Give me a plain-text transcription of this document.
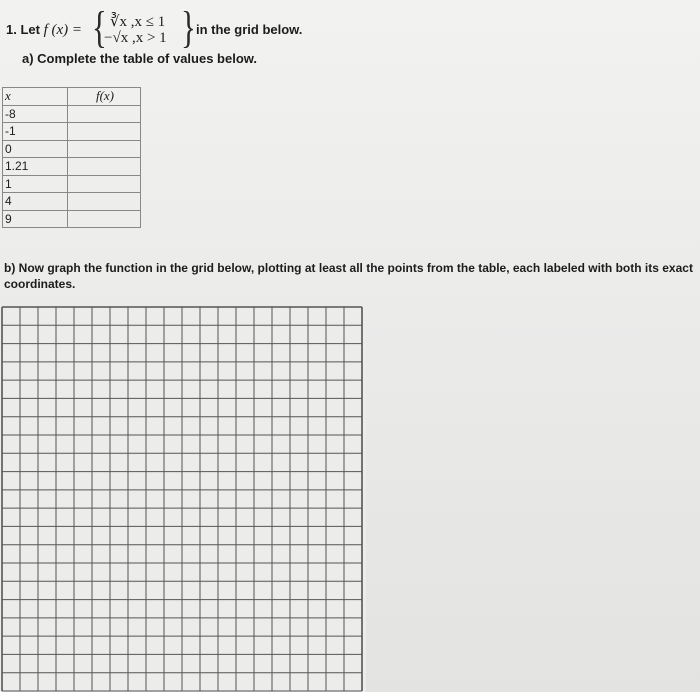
1. Let f (x) = { ∛x ,x ≤ 1
−√x ,x > 1 } in the grid below.
a) Complete the table of values below.
x	f(x)
-8	
-1	
0	
1.21	
1	
4	
9	
b) Now graph the function in the grid below, plotting at least all the points from the table, each labeled with both its exact coordinates.
